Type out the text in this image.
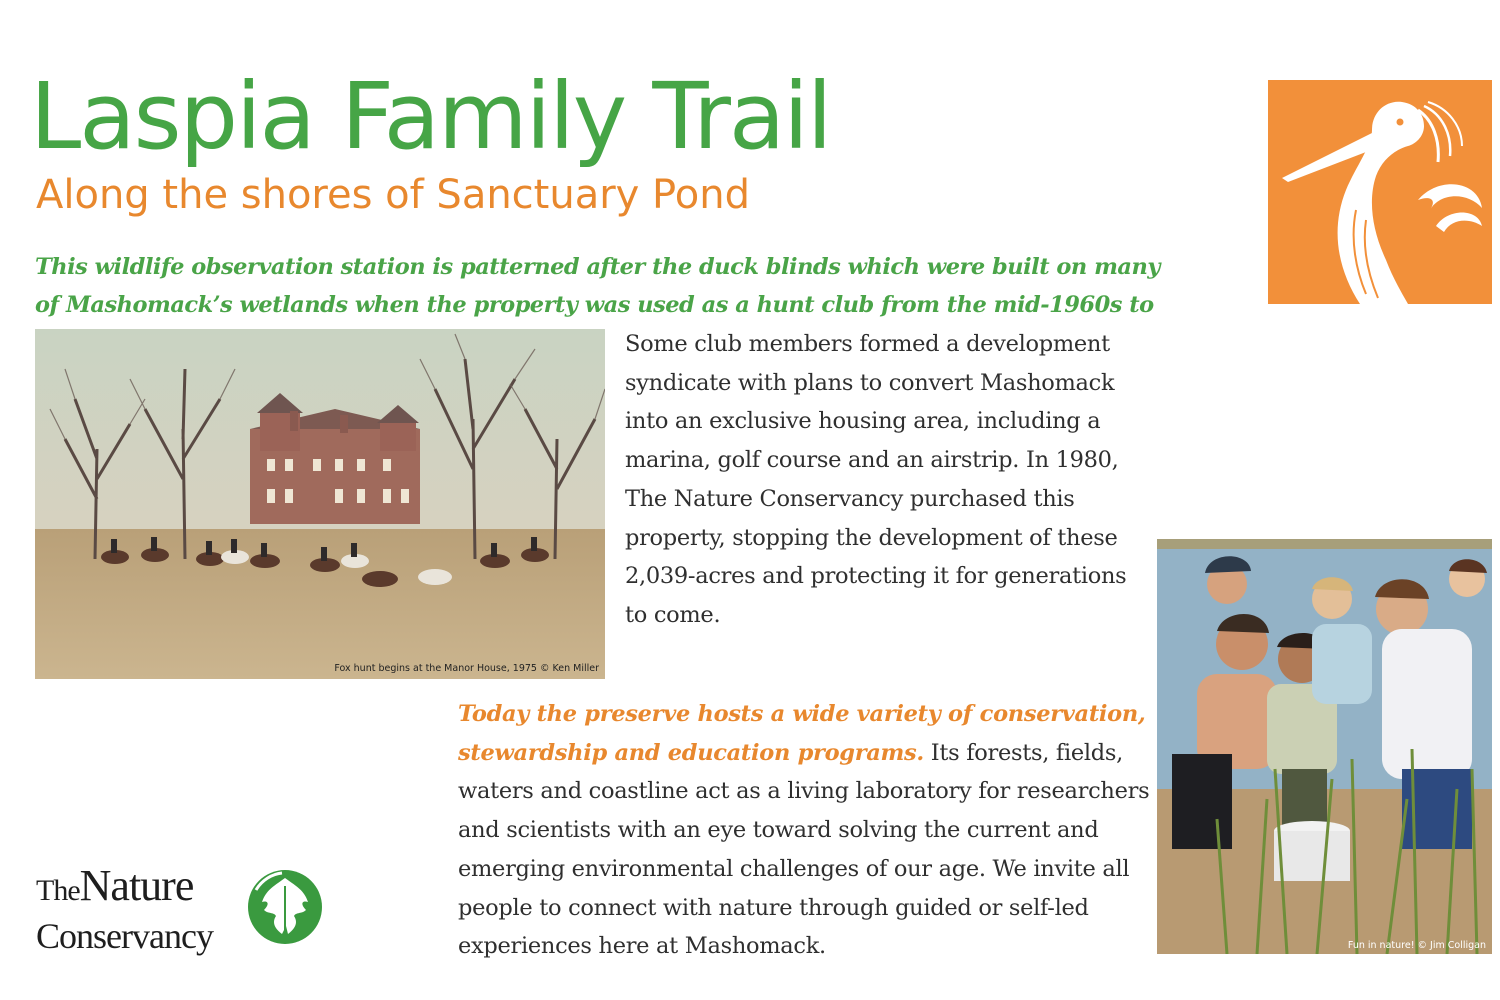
Laspia Family Trail
Along the shores of Sanctuary Pond

This wildlife observation station is patterned after the duck blinds which were built on many of Mashomack’s wetlands when the property was used as a hunt club from the mid-1960s to

Fox hunt begins at the Manor House, 1975 © Ken Miller

Some club members formed a development syndicate with plans to convert Mashomack into an exclusive housing area, including a marina, golf course and an airstrip. In 1980, The Nature Conservancy purchased this property, stopping the development of these 2,039-acres and protecting it for generations to come.

Today the preserve hosts a wide variety of conservation, stewardship and education programs. Its forests, fields, waters and coastline act as a living laboratory for researchers and scientists with an eye toward solving the current and emerging environmental challenges of our age. We invite all people to connect with nature through guided or self-led experiences here at Mashomack.	Fun in nature! © Jim Colligan
TheNature
Conservancy
